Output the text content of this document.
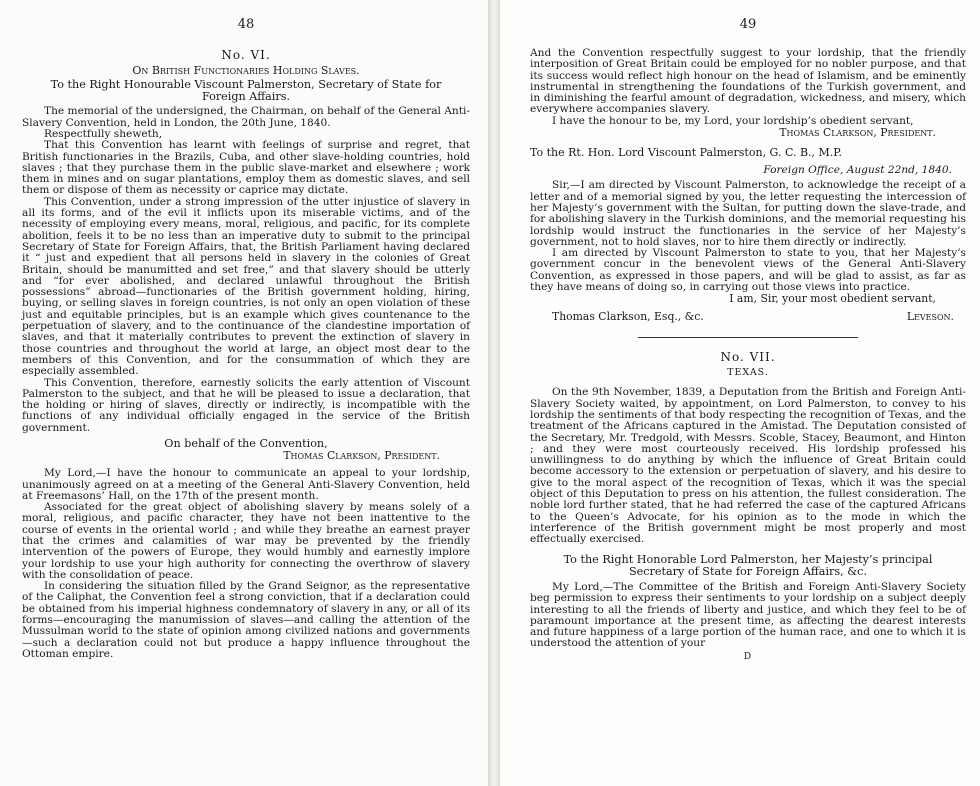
48
No. VI.
On British Functionaries Holding Slaves.
To the Right Honourable Viscount Palmerston, Secretary of State for Foreign Affairs.

The memorial of the undersigned, the Chairman, on behalf of the General Anti-Slavery Convention, held in London, the 20th June, 1840.

Respectfully sheweth,

That this Convention has learnt with feelings of surprise and regret, that British functionaries in the Brazils, Cuba, and other slave-holding countries, hold slaves ; that they purchase them in the public slave-market and elsewhere ; work them in mines and on sugar plantations, employ them as domestic slaves, and sell them or dispose of them as necessity or caprice may dictate.

This Convention, under a strong impression of the utter injustice of slavery in all its forms, and of the evil it inflicts upon its miserable victims, and of the necessity of employing every means, moral, religious, and pacific, for its complete abolition, feels it to be no less than an imperative duty to submit to the principal Secretary of State for Foreign Affairs, that, the British Parliament having declared it “ just and expedient that all persons held in slavery in the colonies of Great Britain, should be manumitted and set free,” and that slavery should be utterly and “for ever abolished, and declared unlawful throughout the British possessions” abroad—functionaries of the British government holding, hiring, buying, or selling slaves in foreign countries, is not only an open violation of these just and equitable principles, but is an example which gives countenance to the perpetuation of slavery, and to the continuance of the clandestine importation of slaves, and that it materially contributes to prevent the extinction of slavery in those countries and throughout the world at large, an object most dear to the members of this Convention, and for the consummation of which they are especially assembled.

This Convention, therefore, earnestly solicits the early attention of Viscount Palmerston to the subject, and that he will be pleased to issue a declaration, that the holding or hiring of slaves, directly or indirectly, is incompatible with the functions of any individual officially engaged in the service of the British government.

On behalf of the Convention,
Thomas Clarkson, President.

My Lord,—I have the honour to communicate an appeal to your lordship, unanimously agreed on at a meeting of the General Anti-Slavery Convention, held at Freemasons’ Hall, on the 17th of the present month.

Associated for the great object of abolishing slavery by means solely of a moral, religious, and pacific character, they have not been inattentive to the course of events in the oriental world ; and while they breathe an earnest prayer that the crimes and calamities of war may be prevented by the friendly intervention of the powers of Europe, they would humbly and earnestly implore your lordship to use your high authority for connecting the overthrow of slavery with the consolidation of peace.

In considering the situation filled by the Grand Seignor, as the representative of the Caliphat, the Convention feel a strong conviction, that if a declaration could be obtained from his imperial highness condemnatory of slavery in any, or all of its forms—encouraging the manumission of slaves—and calling the attention of the Mussulman world to the state of opinion among civilized nations and governments—such a declaration could not but produce a happy influence throughout the Ottoman empire.

49

And the Convention respectfully suggest to your lordship, that the friendly interposition of Great Britain could be employed for no nobler purpose, and that its success would reflect high honour on the head of Islamism, and be eminently instrumental in strengthening the foundations of the Turkish government, and in diminishing the fearful amount of degradation, wickedness, and misery, which everywhere accompanies slavery.

I have the honour to be, my Lord, your lordship’s obedient servant,

Thomas Clarkson, President.
To the Rt. Hon. Lord Viscount Palmerston, G. C. B., M.P.
Foreign Office, August 22nd, 1840.

Sir,—I am directed by Viscount Palmerston, to acknowledge the receipt of a letter and of a memorial signed by you, the letter requesting the intercession of her Majesty’s government with the Sultan, for putting down the slave-trade, and for abolishing slavery in the Turkish dominions, and the memorial requesting his lordship would instruct the functionaries in the service of her Majesty’s government, not to hold slaves, nor to hire them directly or indirectly.

I am directed by Viscount Palmerston to state to you, that her Majesty’s government concur in the benevolent views of the General Anti-Slavery Convention, as expressed in those papers, and will be glad to assist, as far as they have means of doing so, in carrying out those views into practice.

I am, Sir, your most obedient servant,
Thomas Clarkson, Esq., &c.	Leveson.
No. VII.
TEXAS.

On the 9th November, 1839, a Deputation from the British and Foreign Anti-Slavery Society waited, by appointment, on Lord Palmerston, to convey to his lordship the sentiments of that body respecting the recognition of Texas, and the treatment of the Africans captured in the Amistad. The Deputation consisted of the Secretary, Mr. Tredgold, with Messrs. Scoble, Stacey, Beaumont, and Hinton ; and they were most courteously received. His lordship professed his unwillingness to do anything by which the influence of Great Britain could become accessory to the extension or perpetuation of slavery, and his desire to give to the moral aspect of the recognition of Texas, which it was the special object of this Deputation to press on his attention, the fullest consideration. The noble lord further stated, that he had referred the case of the captured Africans to the Queen’s Advocate, for his opinion as to the mode in which the interference of the British government might be most properly and most effectually exercised.

To the Right Honorable Lord Palmerston, her Majesty’s principal Secretary of State for Foreign Affairs, &c.

My Lord,—The Committee of the British and Foreign Anti-Slavery Society beg permission to express their sentiments to your lordship on a subject deeply interesting to all the friends of liberty and justice, and which they feel to be of paramount importance at the present time, as affecting the dearest interests and future happiness of a large portion of the human race, and one to which it is understood the attention of your

D
